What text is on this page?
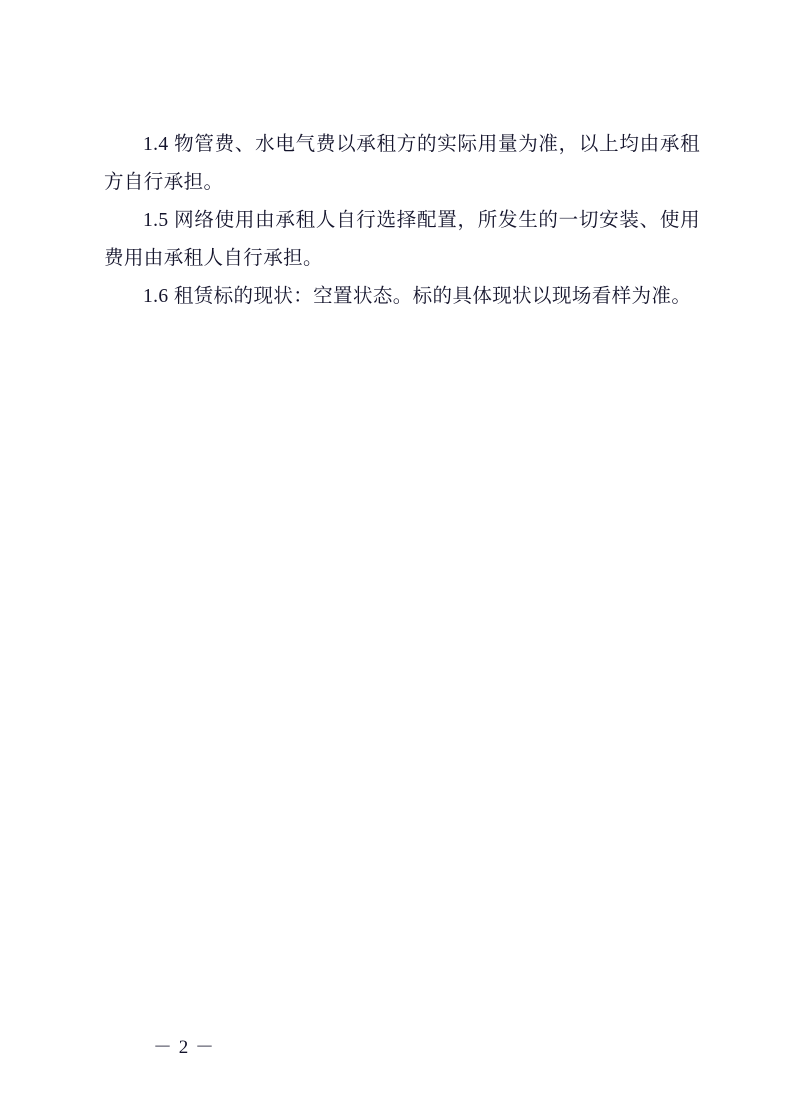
1.4 物管费、水电气费以承租方的实际用量为准，以上均由承租方自行承担。

1.5 网络使用由承租人自行选择配置，所发生的一切安装、使用费用由承租人自行承担。

1.6 租赁标的现状：空置状态。标的具体现状以现场看样为准。

－ 2 －
